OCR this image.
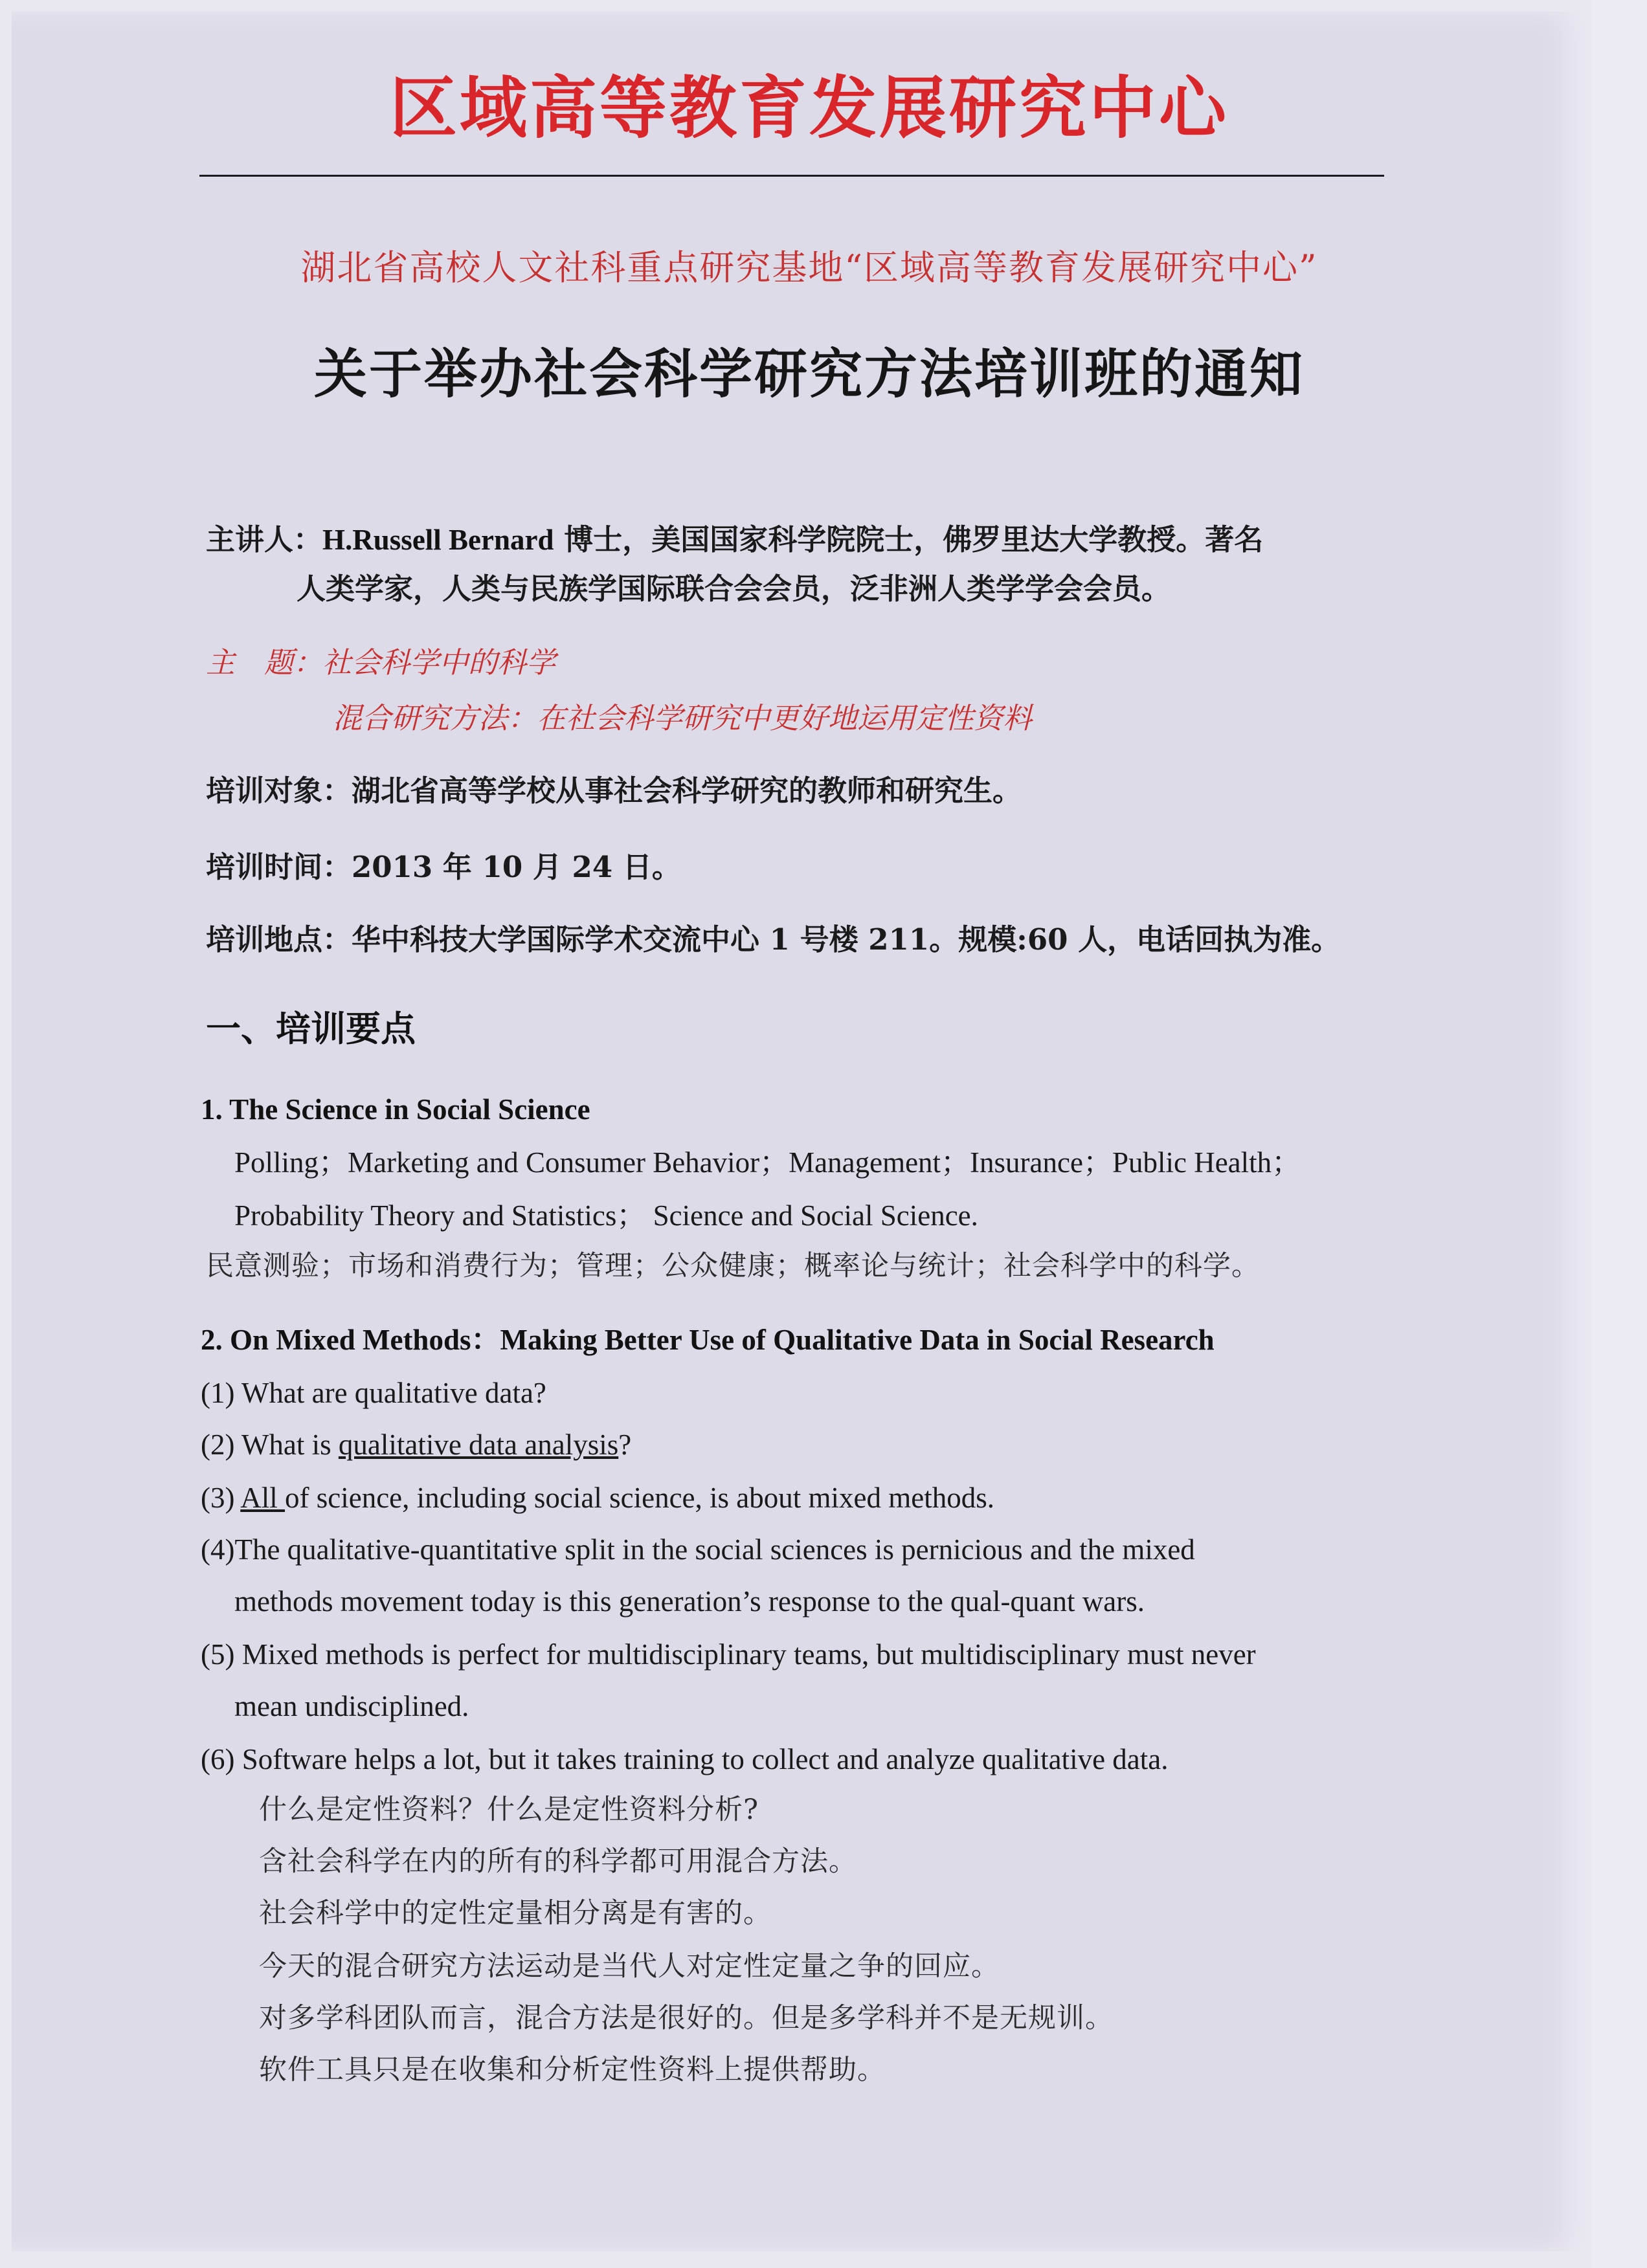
区域高等教育发展研究中心
湖北省高校人文社科重点研究基地“区域高等教育发展研究中心”
关于举办社会科学研究方法培训班的通知
主讲人：H.Russell Bernard 博士，美国国家科学院院士，佛罗里达大学教授。著名
人类学家，人类与民族学国际联合会会员，泛非洲人类学学会会员。
主　题：社会科学中的科学
混合研究方法：在社会科学研究中更好地运用定性资料
培训对象：湖北省高等学校从事社会科学研究的教师和研究生。
培训时间：2013 年 10 月 24 日。
培训地点：华中科技大学国际学术交流中心 1 号楼 211。规模:60 人，电话回执为准。
一、培训要点
1. The Science in Social Science
Polling；Marketing and Consumer Behavior；Management；Insurance；Public Health；
Probability Theory and Statistics； Science and Social Science.
民意测验；市场和消费行为；管理；公众健康；概率论与统计；社会科学中的科学。
2. On Mixed Methods：Making Better Use of Qualitative Data in Social Research
(1) What are qualitative data?
(2) What is qualitative data analysis?
(3) All of science, including social science, is about mixed methods.
(4)The qualitative-quantitative split in the social sciences is pernicious and the mixed
methods movement today is this generation’s response to the qual-quant wars.
(5) Mixed methods is perfect for multidisciplinary teams, but multidisciplinary must never
mean undisciplined.
(6) Software helps a lot, but it takes training to collect and analyze qualitative data.
什么是定性资料？什么是定性资料分析?
含社会科学在内的所有的科学都可用混合方法。
社会科学中的定性定量相分离是有害的。
今天的混合研究方法运动是当代人对定性定量之争的回应。
对多学科团队而言，混合方法是很好的。但是多学科并不是无规训。
软件工具只是在收集和分析定性资料上提供帮助。
